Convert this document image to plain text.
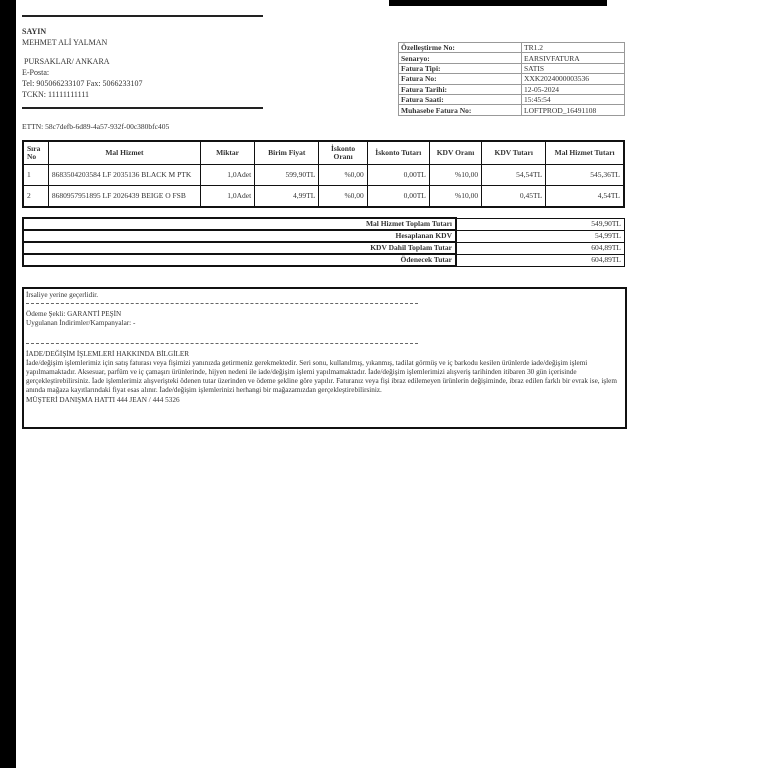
SAYIN
MEHMET ALİ YALMAN
PURSAKLAR/ ANKARA
E-Posta:
Tel: 905066233107 Fax: 5066233107
TCKN: 11111111111
ETTN: 58c7defb-6d89-4a57-932f-00c380bfc405
Özelleştirme No:	TR1.2
Senaryo:	EARSIVFATURA
Fatura Tipi:	SATIS
Fatura No:	XXK2024000003536
Fatura Tarihi:	12-05-2024
Fatura Saati:	15:45:54
Muhasebe Fatura No:	LOFTPROD_16491108
Sıra No	Mal Hizmet	Miktar	Birim Fiyat	İskonto Oranı	İskonto Tutarı	KDV Oranı	KDV Tutarı	Mal Hizmet Tutarı
1	8683504203584 LF 2035136 BLACK M PTK	1,0Adet	599,90TL	%0,00	0,00TL	%10,00	54,54TL	545,36TL
2	8680957951895 LF 2026439 BEIGE O FSB	1,0Adet	4,99TL	%0,00	0,00TL	%10,00	0,45TL	4,54TL
Mal Hizmet Toplam Tutarı	549,90TL
Hesaplanan KDV	54,99TL
KDV Dahil Toplam Tutar	604,89TL
Ödenecek Tutar	604,89TL
İrsaliye yerine geçerlidir.
Ödeme Şekli: GARANTİ PEŞİN
Uygulanan İndirimler/Kampanyalar: -
İADE/DEĞİŞİM İŞLEMLERİ HAKKINDA BİLGİLER
İade/değişim işlemlerimiz için satış faturası veya fişimizi yanınızda getirmeniz gerekmektedir. Seri sonu, kullanılmış, yıkanmış, tadilat görmüş ve iç barkodu kesilen ürünlerde iade/değişim işlemi yapılmamaktadır. Aksesuar, parfüm ve iç çamaşırı ürünlerinde, hijyen nedeni ile iade/değişim işlemi yapılmamaktadır. İade/değişim işlemlerimizi alışveriş tarihinden itibaren 30 gün içerisinde gerçekleştirebilirsiniz. İade işlemlerimiz alışverişteki ödenen tutar üzerinden ve ödeme şekline göre yapılır. Faturanız veya fişi ibraz edilemeyen ürünlerin değişiminde, ibraz edilen farklı bir evrak ise, işlem anında mağaza kayıtlarındaki fiyat esas alınır. İade/değişim işlemlerinizi herhangi bir mağazamızdan gerçekleştirebilirsiniz.
MÜŞTERİ DANIŞMA HATTI 444 JEAN / 444 5326
